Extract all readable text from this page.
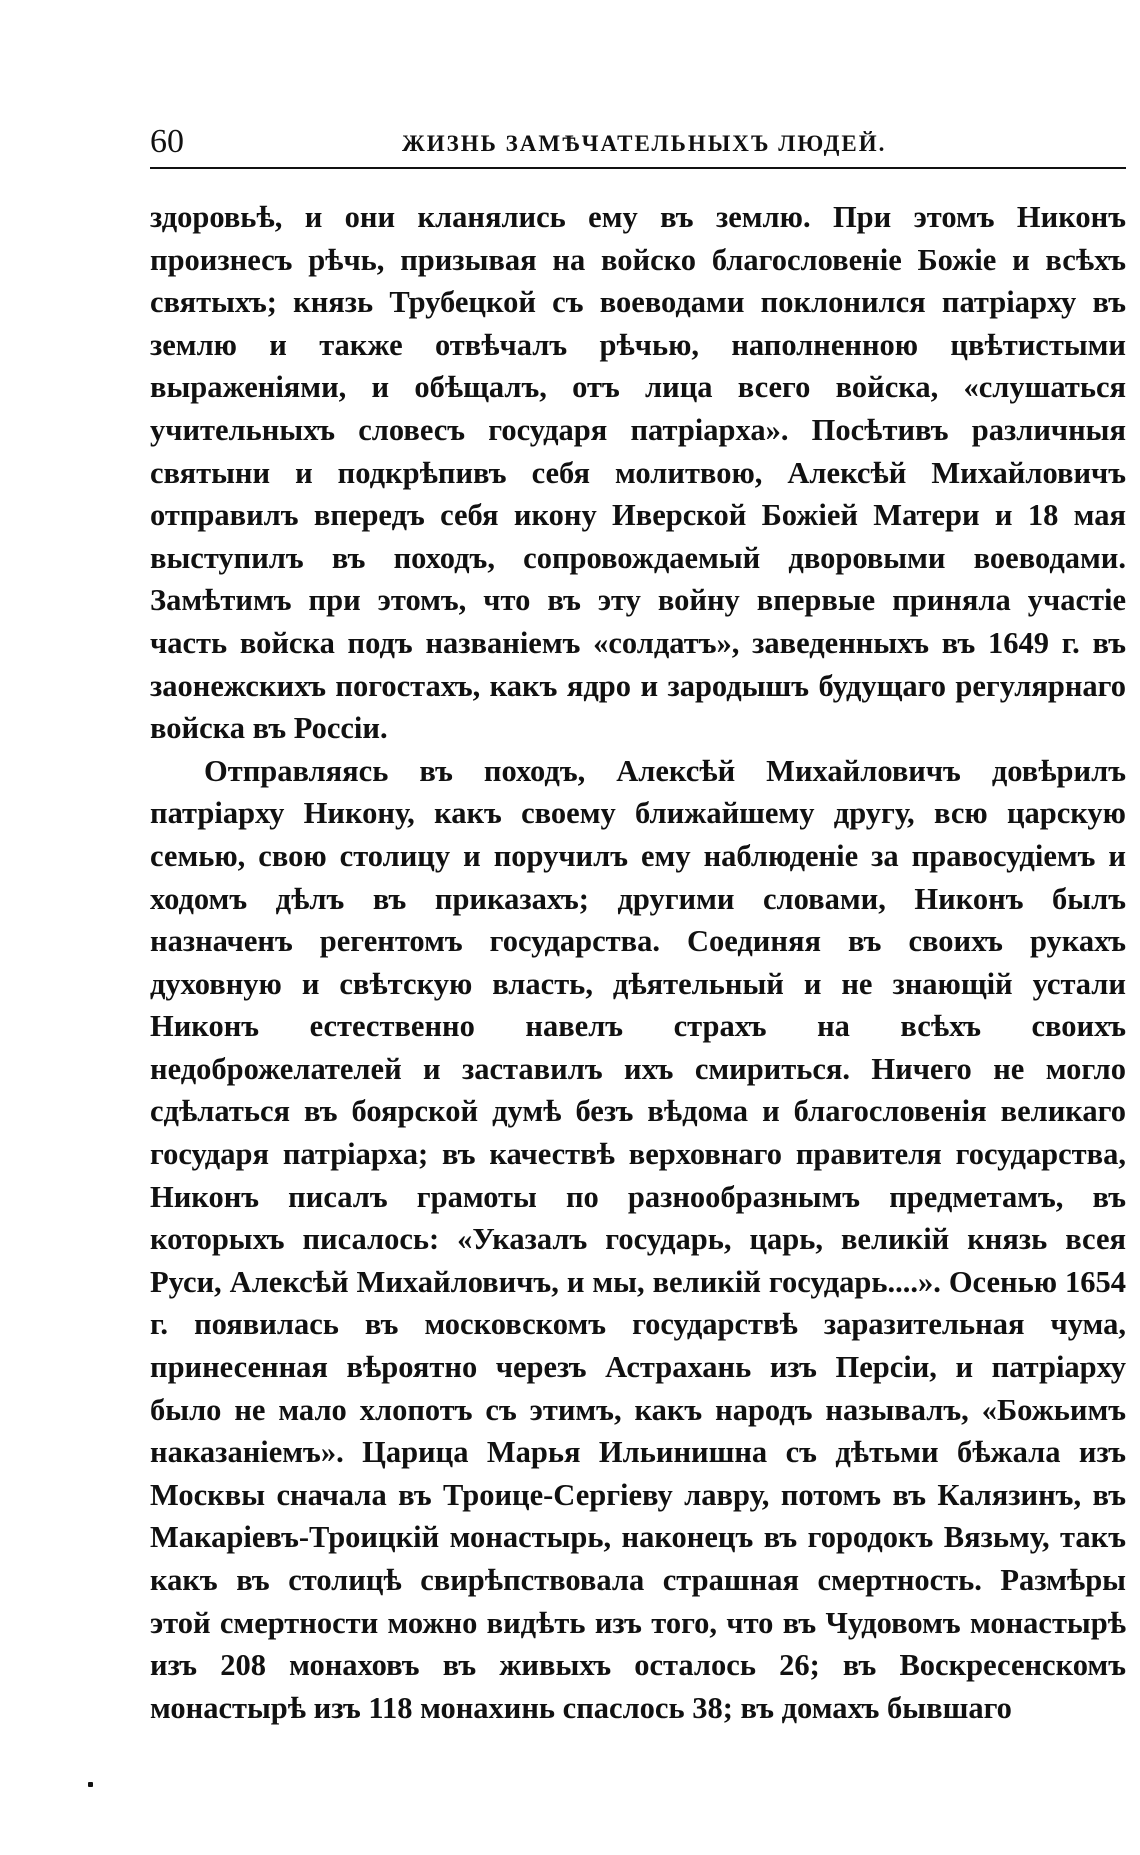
60	ЖИЗНЬ ЗАМѢЧАТЕЛЬНЫХЪ ЛЮДЕЙ.

здоровьѣ, и они кланялись ему въ землю. При этомъ Никонъ произнесъ рѣчь, призывая на войско благословеніе Божіе и всѣхъ святыхъ; князь Трубецкой съ воеводами поклонился патріарху въ землю и также отвѣчалъ рѣчью, наполненною цвѣтистыми выраженіями, и обѣщалъ, отъ лица всего войска, «слушаться учительныхъ словесъ государя патріарха». Посѣтивъ различныя святыни и подкрѣпивъ себя молитвою, Алексѣй Михайловичъ отправилъ впередъ себя икону Иверской Божіей Матери и 18 мая выступилъ въ походъ, сопровождаемый дворовыми воеводами. Замѣтимъ при этомъ, что въ эту войну впервые приняла участіе часть войска подъ названіемъ «солдатъ», заведенныхъ въ 1649 г. въ заонежскихъ погостахъ, какъ ядро и зародышъ будущаго регулярнаго войска въ Россіи.

Отправляясь въ походъ, Алексѣй Михайловичъ довѣрилъ патріарху Никону, какъ своему ближайшему другу, всю царскую семью, свою столицу и поручилъ ему наблюденіе за правосудіемъ и ходомъ дѣлъ въ приказахъ; другими словами, Никонъ былъ назначенъ регентомъ государства. Соединяя въ своихъ рукахъ духовную и свѣтскую власть, дѣятельный и не знающій устали Никонъ естественно навелъ страхъ на всѣхъ своихъ недоброжелателей и заставилъ ихъ смириться. Ничего не могло сдѣлаться въ боярской думѣ безъ вѣдома и благословенія великаго государя патріарха; въ качествѣ верховнаго правителя государства, Никонъ писалъ грамоты по разнообразнымъ предметамъ, въ которыхъ писалось: «Указалъ государь, царь, великій князь всея Руси, Алексѣй Михайловичъ, и мы, великій государь....». Осенью 1654 г. появилась въ московскомъ государствѣ заразительная чума, принесенная вѣроятно черезъ Астрахань изъ Персіи, и патріарху было не мало хлопотъ съ этимъ, какъ народъ называлъ, «Божьимъ наказаніемъ». Царица Марья Ильинишна съ дѣтьми бѣжала изъ Москвы сначала въ Троице-Сергіеву лавру, потомъ въ Калязинъ, въ Макаріевъ-Троицкій монастырь, наконецъ въ городокъ Вязьму, такъ какъ въ столицѣ свирѣпствовала страшная смертность. Размѣры этой смертности можно видѣть изъ того, что въ Чудовомъ монастырѣ изъ 208 монаховъ въ живыхъ осталось 26; въ Воскресенскомъ монастырѣ изъ 118 монахинь спаслось 38; въ домахъ бывшаго
